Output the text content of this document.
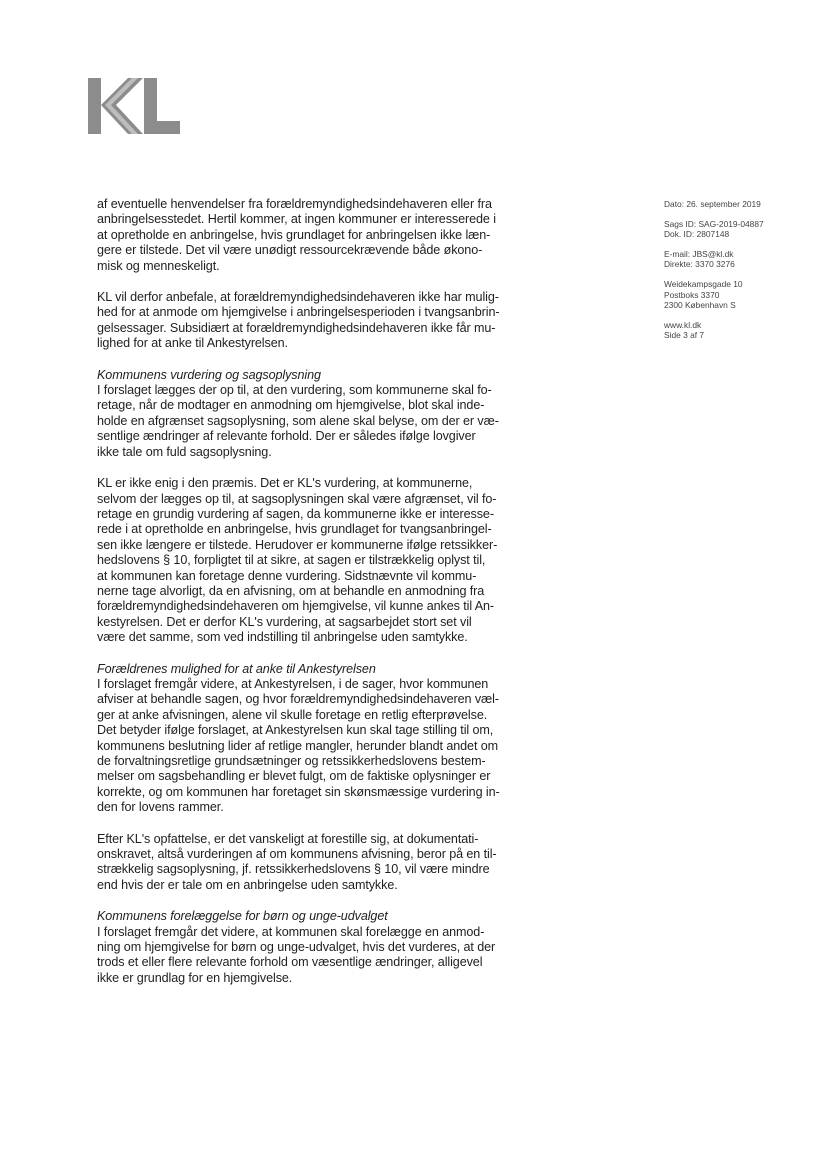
af eventuelle henvendelser fra forældremyndighedsindehaveren eller fra
anbringelsesstedet. Hertil kommer, at ingen kommuner er interesserede i
at opretholde en anbringelse, hvis grundlaget for anbringelsen ikke læn-
gere er tilstede. Det vil være unødigt ressourcekrævende både økono-
misk og menneskeligt.
KL vil derfor anbefale, at forældremyndighedsindehaveren ikke har mulig-
hed for at anmode om hjemgivelse i anbringelsesperioden i tvangsanbrin-
gelsessager. Subsidiært at forældremyndighedsindehaveren ikke får mu-
lighed for at anke til Ankestyrelsen.
Kommunens vurdering og sagsoplysning
I forslaget lægges der op til, at den vurdering, som kommunerne skal fo-
retage, når de modtager en anmodning om hjemgivelse, blot skal inde-
holde en afgrænset sagsoplysning, som alene skal belyse, om der er væ-
sentlige ændringer af relevante forhold. Der er således ifølge lovgiver
ikke tale om fuld sagsoplysning.
KL er ikke enig i den præmis. Det er KL's vurdering, at kommunerne,
selvom der lægges op til, at sagsoplysningen skal være afgrænset, vil fo-
retage en grundig vurdering af sagen, da kommunerne ikke er interesse-
rede i at opretholde en anbringelse, hvis grundlaget for tvangsanbringel-
sen ikke længere er tilstede. Herudover er kommunerne ifølge retssikker-
hedslovens § 10, forpligtet til at sikre, at sagen er tilstrækkelig oplyst til,
at kommunen kan foretage denne vurdering. Sidstnævnte vil kommu-
nerne tage alvorligt, da en afvisning, om at behandle en anmodning fra
forældremyndighedsindehaveren om hjemgivelse, vil kunne ankes til An-
kestyrelsen. Det er derfor KL's vurdering, at sagsarbejdet stort set vil
være det samme, som ved indstilling til anbringelse uden samtykke.
Forældrenes mulighed for at anke til Ankestyrelsen
I forslaget fremgår videre, at Ankestyrelsen, i de sager, hvor kommunen
afviser at behandle sagen, og hvor forældremyndighedsindehaveren væl-
ger at anke afvisningen, alene vil skulle foretage en retlig efterprøvelse.
Det betyder ifølge forslaget, at Ankestyrelsen kun skal tage stilling til om,
kommunens beslutning lider af retlige mangler, herunder blandt andet om
de forvaltningsretlige grundsætninger og retssikkerhedslovens bestem-
melser om sagsbehandling er blevet fulgt, om de faktiske oplysninger er
korrekte, og om kommunen har foretaget sin skønsmæssige vurdering in-
den for lovens rammer.
Efter KL's opfattelse, er det vanskeligt at forestille sig, at dokumentati-
onskravet, altså vurderingen af om kommunens afvisning, beror på en til-
strækkelig sagsoplysning, jf. retssikkerhedslovens § 10, vil være mindre
end hvis der er tale om en anbringelse uden samtykke.
Kommunens forelæggelse for børn og unge-udvalget
I forslaget fremgår det videre, at kommunen skal forelægge en anmod-
ning om hjemgivelse for børn og unge-udvalget, hvis det vurderes, at der
trods et eller flere relevante forhold om væsentlige ændringer, alligevel
ikke er grundlag for en hjemgivelse.
Dato: 26. september 2019
Sags ID: SAG-2019-04887
Dok. ID: 2807148
E-mail: JBS@kl.dk
Direkte: 3370 3276
Weidekampsgade 10
Postboks 3370
2300 København S
www.kl.dk
Side 3 af 7
